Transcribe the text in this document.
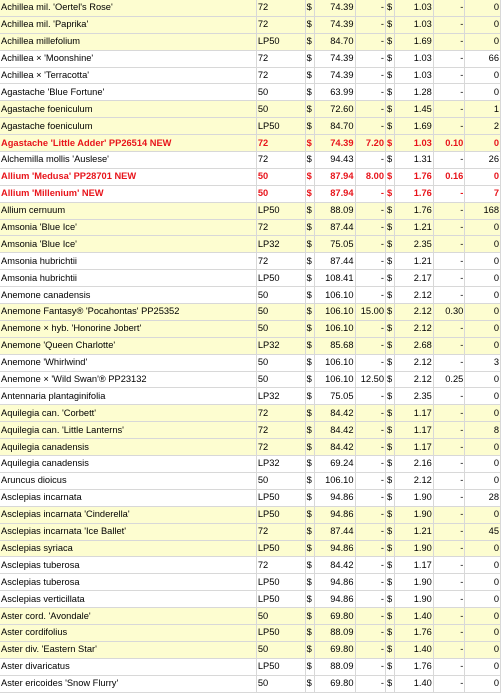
Achillea mil. 'Oertel's Rose'	72	$	74.39	-	$	1.03	-	0
Achillea mil. 'Paprika'	72	$	74.39	-	$	1.03	-	0
Achillea millefolium	LP50	$	84.70	-	$	1.69	-	0
Achillea × 'Moonshine'	72	$	74.39	-	$	1.03	-	66
Achillea × 'Terracotta'	72	$	74.39	-	$	1.03	-	0
Agastache 'Blue Fortune'	50	$	63.99	-	$	1.28	-	0
Agastache foeniculum	50	$	72.60	-	$	1.45	-	1
Agastache foeniculum	LP50	$	84.70	-	$	1.69	-	2
Agastache 'Little Adder' PP26514 NEW	72	$	74.39	7.20	$	1.03	0.10	0
Alchemilla mollis 'Auslese'	72	$	94.43	-	$	1.31	-	26
Allium 'Medusa' PP28701 NEW	50	$	87.94	8.00	$	1.76	0.16	0
Allium 'Millenium' NEW	50	$	87.94	-	$	1.76	-	7
Allium cernuum	LP50	$	88.09	-	$	1.76	-	168
Amsonia 'Blue Ice'	72	$	87.44	-	$	1.21	-	0
Amsonia 'Blue Ice'	LP32	$	75.05	-	$	2.35	-	0
Amsonia hubrichtii	72	$	87.44	-	$	1.21	-	0
Amsonia hubrichtii	LP50	$	108.41	-	$	2.17	-	0
Anemone canadensis	50	$	106.10	-	$	2.12	-	0
Anemone Fantasy® 'Pocahontas' PP25352	50	$	106.10	15.00	$	2.12	0.30	0
Anemone × hyb. 'Honorine Jobert'	50	$	106.10	-	$	2.12	-	0
Anemone 'Queen Charlotte'	LP32	$	85.68	-	$	2.68	-	0
Anemone 'Whirlwind'	50	$	106.10	-	$	2.12	-	3
Anemone × 'Wild Swan'® PP23132	50	$	106.10	12.50	$	2.12	0.25	0
Antennaria plantaginifolia	LP32	$	75.05	-	$	2.35	-	0
Aquilegia can. 'Corbett'	72	$	84.42	-	$	1.17	-	0
Aquilegia can. 'Little Lanterns'	72	$	84.42	-	$	1.17	-	8
Aquilegia canadensis	72	$	84.42	-	$	1.17	-	0
Aquilegia canadensis	LP32	$	69.24	-	$	2.16	-	0
Aruncus dioicus	50	$	106.10	-	$	2.12	-	0
Asclepias incarnata	LP50	$	94.86	-	$	1.90	-	28
Asclepias incarnata 'Cinderella'	LP50	$	94.86	-	$	1.90	-	0
Asclepias incarnata 'Ice Ballet'	72	$	87.44	-	$	1.21	-	45
Asclepias syriaca	LP50	$	94.86	-	$	1.90	-	0
Asclepias tuberosa	72	$	84.42	-	$	1.17	-	0
Asclepias tuberosa	LP50	$	94.86	-	$	1.90	-	0
Asclepias verticillata	LP50	$	94.86	-	$	1.90	-	0
Aster cord. 'Avondale'	50	$	69.80	-	$	1.40	-	0
Aster cordifolius	LP50	$	88.09	-	$	1.76	-	0
Aster div. 'Eastern Star'	50	$	69.80	-	$	1.40	-	0
Aster divaricatus	LP50	$	88.09	-	$	1.76	-	0
Aster ericoides 'Snow Flurry'	50	$	69.80	-	$	1.40	-	0
